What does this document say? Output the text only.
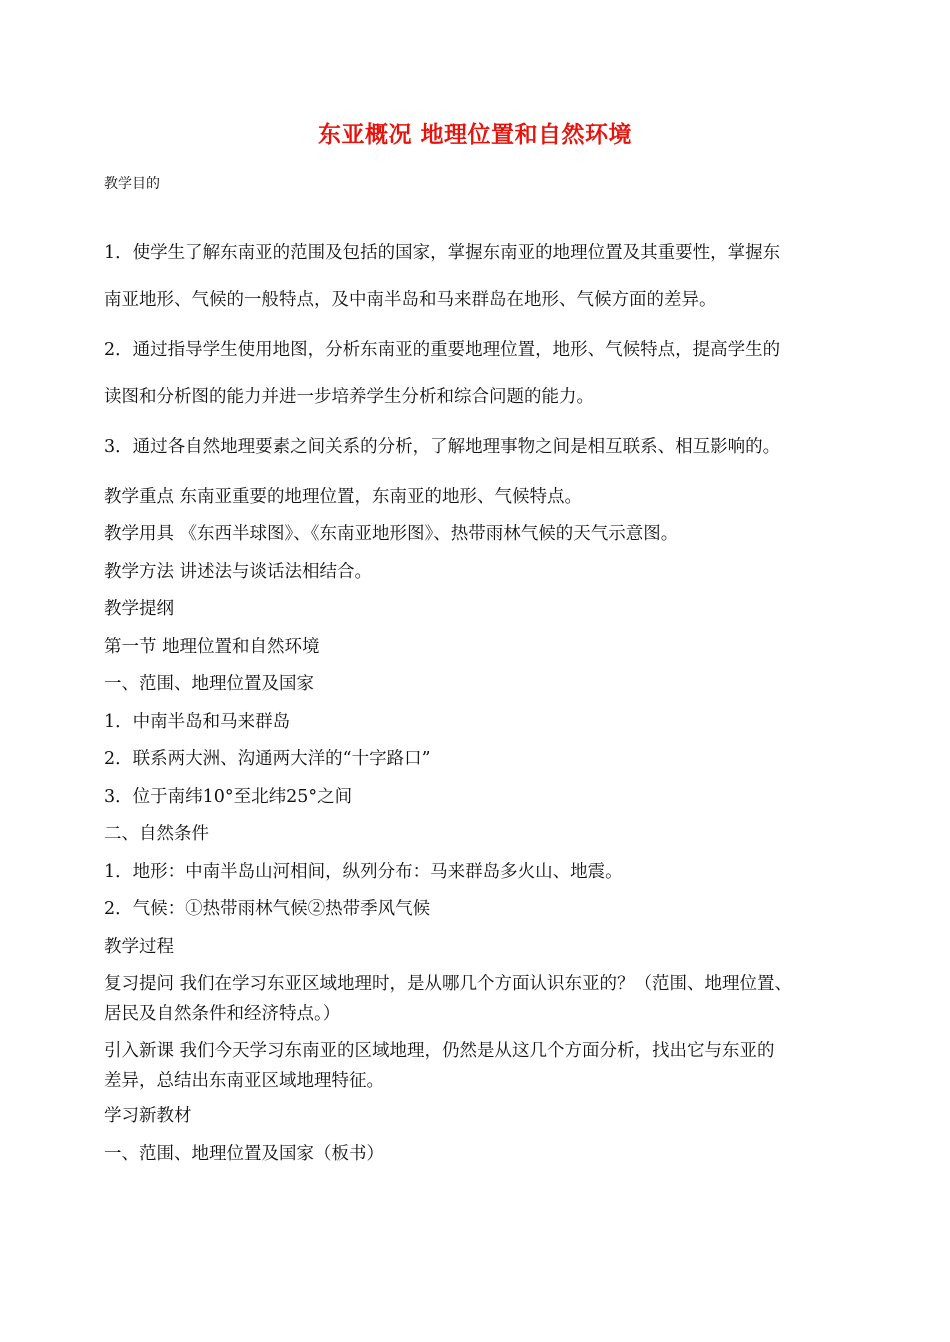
东亚概况 地理位置和自然环境
教学目的
1．使学生了解东南亚的范围及包括的国家，掌握东南亚的地理位置及其重要性，掌握东
南亚地形、气候的一般特点，及中南半岛和马来群岛在地形、气候方面的差异。
2．通过指导学生使用地图，分析东南亚的重要地理位置，地形、气候特点，提高学生的
读图和分析图的能力并进一步培养学生分析和综合问题的能力。
3．通过各自然地理要素之间关系的分析，了解地理事物之间是相互联系、相互影响的。
教学重点 东南亚重要的地理位置，东南亚的地形、气候特点。
教学用具 《东西半球图》、《东南亚地形图》、热带雨林气候的天气示意图。
教学方法 讲述法与谈话法相结合。
教学提纲
第一节 地理位置和自然环境
一、范围、地理位置及国家
1．中南半岛和马来群岛
2．联系两大洲、沟通两大洋的“十字路口”
3．位于南纬10°至北纬25°之间
二、自然条件
1．地形：中南半岛山河相间，纵列分布：马来群岛多火山、地震。
2．气候：①热带雨林气候②热带季风气候
教学过程
复习提问 我们在学习东亚区域地理时，是从哪几个方面认识东亚的？（范围、地理位置、
居民及自然条件和经济特点。）
引入新课 我们今天学习东南亚的区域地理，仍然是从这几个方面分析，找出它与东亚的
差异，总结出东南亚区域地理特征。
学习新教材
一、范围、地理位置及国家（板书）
